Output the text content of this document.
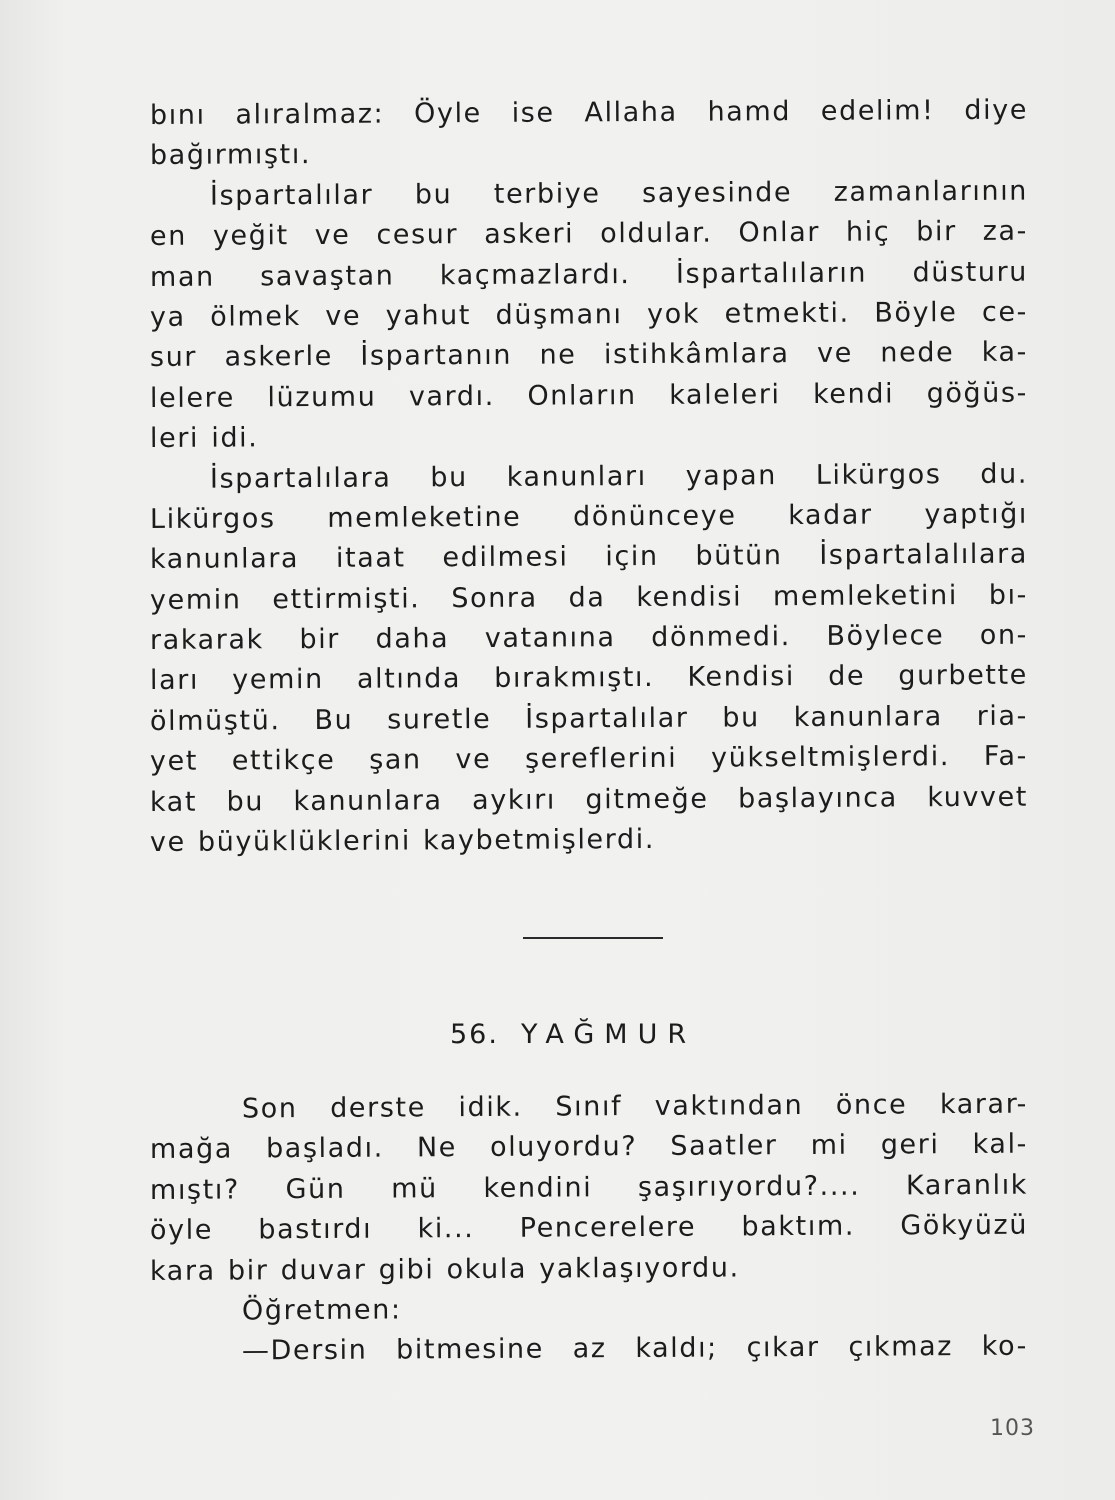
bını alıralmaz: Öyle ise Allaha hamd edelim! diye
bağırmıştı.
İspartalılar bu terbiye sayesinde zamanlarının
en yeğit ve cesur askeri oldular. Onlar hiç bir za-
man savaştan kaçmazlardı. İspartalıların düsturu
ya ölmek ve yahut düşmanı yok etmekti. Böyle ce-
sur askerle İspartanın ne istihkâmlara ve nede ka-
lelere lüzumu vardı. Onların kaleleri kendi göğüs-
leri idi.
İspartalılara bu kanunları yapan Likürgos du.
Likürgos memleketine dönünceye kadar yaptığı
kanunlara itaat edilmesi için bütün İspartalalılara
yemin ettirmişti. Sonra da kendisi memleketini bı-
rakarak bir daha vatanına dönmedi. Böylece on-
ları yemin altında bırakmıştı. Kendisi de gurbette
ölmüştü. Bu suretle İspartalılar bu kanunlara ria-
yet ettikçe şan ve şereflerini yükseltmişlerdi. Fa-
kat bu kanunlara aykırı gitmeğe başlayınca kuvvet
ve büyüklüklerini kaybetmişlerdi.
56. YAĞMUR
Son derste idik. Sınıf vaktından önce karar-
mağa başladı. Ne oluyordu? Saatler mi geri kal-
mıştı? Gün mü kendini şaşırıyordu?.... Karanlık
öyle bastırdı ki... Pencerelere baktım. Gökyüzü
kara bir duvar gibi okula yaklaşıyordu.
Öğretmen:
—Dersin bitmesine az kaldı; çıkar çıkmaz ko-
103
